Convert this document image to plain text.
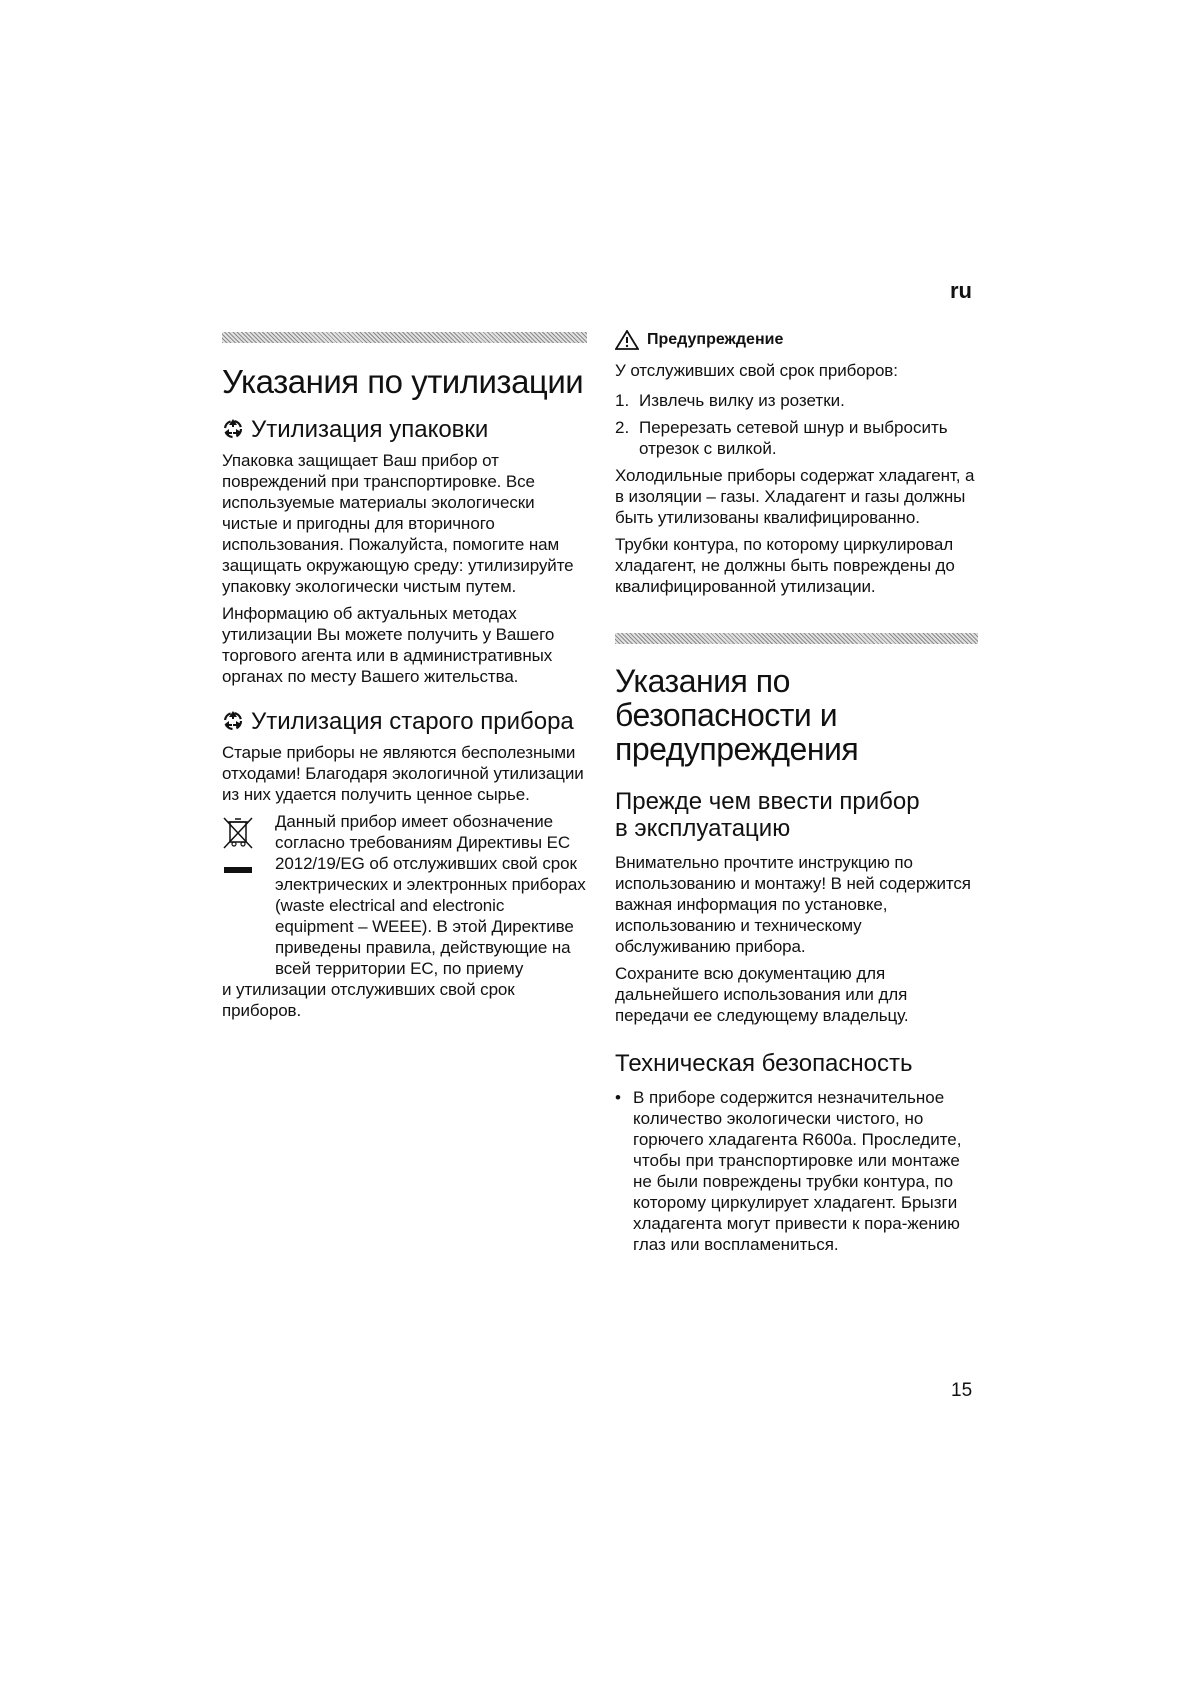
ru
Указания по утилизации
Утилизация упаковки

Упаковка защищает Ваш прибор от повреждений при транспортировке. Все используемые материалы экологически чистые и пригодны для вторичного использования. Пожалуйста, помогите нам защищать окружающую среду: утилизируйте упаковку экологически чистым путем.

Информацию об актуальных методах утилизации Вы можете получить у Вашего торгового агента или в административных органах по месту Вашего жительства.

Утилизация старого прибора

Старые приборы не являются бесполезными отходами! Благодаря экологичной утилизации из них удается получить ценное сырье.

Данный прибор имеет обозначение согласно требованиям Директивы ЕС 2012/19/EG об отслуживших свой срок электрических и электронных приборах (waste electrical and electronic equipment – WEEE). В этой Директиве приведены правила, действующие на всей территории ЕС, по приему

и утилизации отслуживших свой срок приборов.

Предупреждение

У отслуживших свой срок приборов:

1. Извлечь вилку из розетки.
2. Перерезать сетевой шнур и выбросить отрезок с вилкой.

Холодильные приборы содержат хладагент, а в изоляции – газы. Хладагент и газы должны быть утилизованы квалифицированно.

Трубки контура, по которому циркулировал хладагент, не должны быть повреждены до квалифицированной утилизации.

Указания по
безопасности и
предупреждения
Прежде чем ввести прибор
в эксплуатацию

Внимательно прочтите инструкцию по использованию и монтажу! В ней содержится важная информация по установке, использованию и техническому обслуживанию прибора.

Сохраните всю документацию для дальнейшего использования или для передачи ее следующему владельцу.

Техническая безопасность
• В приборе содержится незначительное количество экологически чистого, но горючего хладагента R600a. Проследите, чтобы при транспортировке или монтаже не были повреждены трубки контура, по которому циркулирует хладагент. Брызги хладагента могут привести к пора-жению глаз или воспламениться.
15
